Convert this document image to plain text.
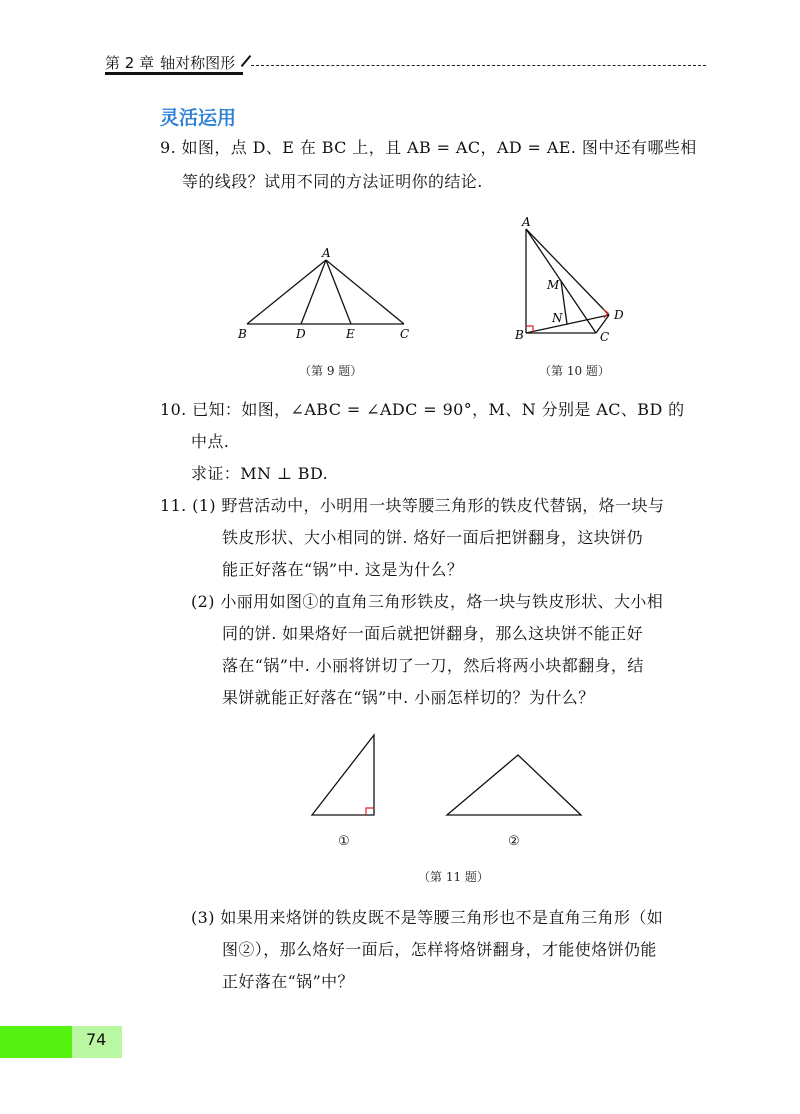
第 2 章 轴对称图形
灵活运用
9. 如图，点 D、E 在 BC 上，且 AB = AC，AD = AE. 图中还有哪些相
等的线段？试用不同的方法证明你的结论.
A
B	D	E	C
（第 9 题）
A
B	C
D
M
N
（第 10 题）
10. 已知：如图，∠ABC = ∠ADC = 90°，M、N 分别是 AC、BD 的
中点.
求证：MN ⊥ BD.
11. (1) 野营活动中，小明用一块等腰三角形的铁皮代替锅，烙一块与
铁皮形状、大小相同的饼. 烙好一面后把饼翻身，这块饼仍
能正好落在“锅”中. 这是为什么？
(2) 小丽用如图①的直角三角形铁皮，烙一块与铁皮形状、大小相
同的饼. 如果烙好一面后就把饼翻身，那么这块饼不能正好
落在“锅”中. 小丽将饼切了一刀，然后将两小块都翻身，结
果饼就能正好落在“锅”中. 小丽怎样切的？为什么？
①	②
（第 11 题）
(3) 如果用来烙饼的铁皮既不是等腰三角形也不是直角三角形（如
图②），那么烙好一面后，怎样将烙饼翻身，才能使烙饼仍能
正好落在“锅”中？
74
